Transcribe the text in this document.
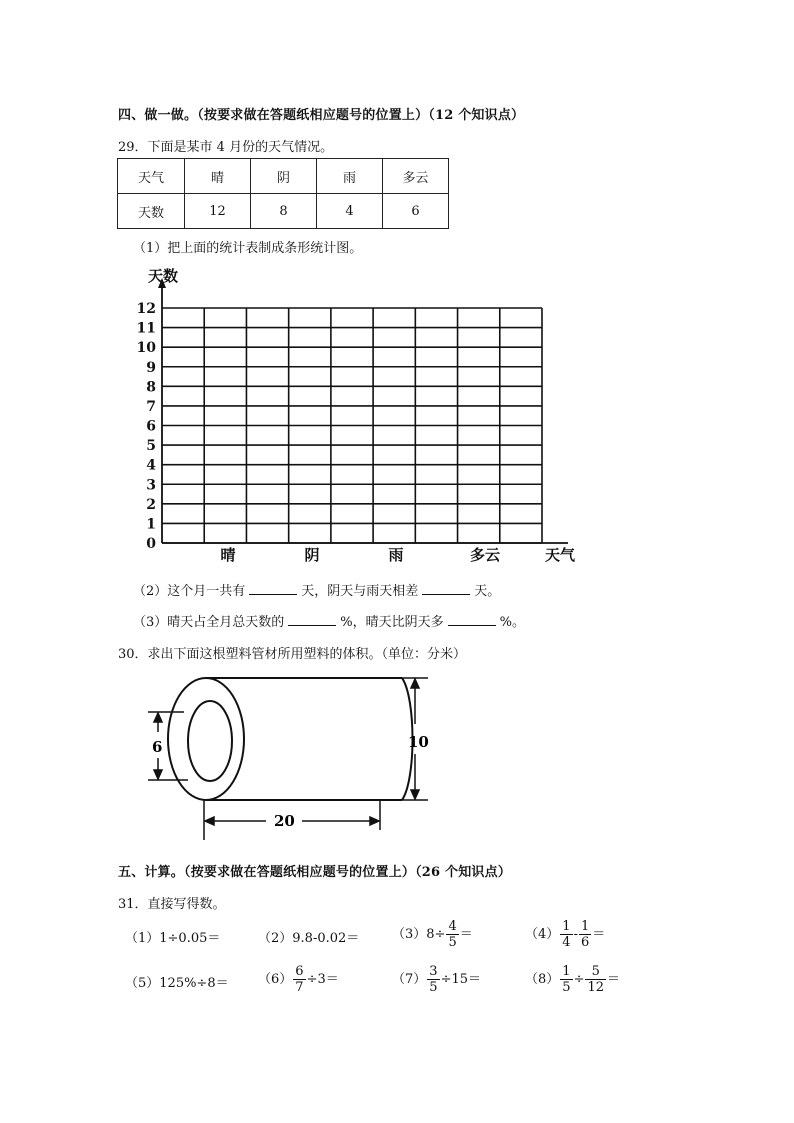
四、做一做。（按要求做在答题纸相应题号的位置上）（12 个知识点）
29．下面是某市 4 月份的天气情况。
天气	晴	阴	雨	多云
天数	12	8	4	6
（1）把上面的统计表制成条形统计图。
0
1
2
3
4
5
6
7
8
9
10
11
12
天数
晴	阴	雨	多云	天气
（2）这个月一共有	天，阴天与雨天相差	天。
（3）晴天占全月总天数的	%，晴天比阴天多	%。
30．求出下面这根塑料管材所用塑料的体积。（单位：分米）
6	10
20
五、计算。（按要求做在答题纸相应题号的位置上）（26 个知识点）
31．直接写得数。
（1）1÷0.05＝	（2）9.8-0.02＝	$(3)8\div \frac{4}{5}$ ＝	$(4) \frac{1}{4} - \frac{1}{6}$ ＝
$(5)125\%\div 8= (6) \frac{6}{7} \div 3=$	$(7) \frac{3}{5} \div 15=$	$(8) \frac{1}{5} \div \frac{5}{12}$ ＝
